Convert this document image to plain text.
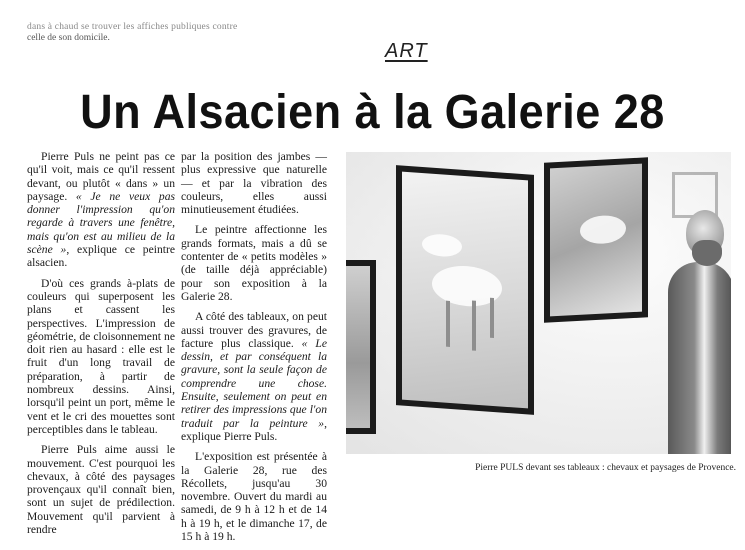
dans à chaud se trouver les affiches publiques contre
celle de son domicile.
ART
Un Alsacien à la Galerie 28

Pierre Puls ne peint pas ce qu'il voit, mais ce qu'il ressent devant, ou plutôt « dans » un paysage. « Je ne veux pas donner l'impression qu'on regarde à travers une fenêtre, mais qu'on est au milieu de la scène », explique ce peintre alsacien.

D'où ces grands à-plats de couleurs qui superposent les plans et cassent les perspectives. L'impression de géométrie, de cloisonnement ne doit rien au hasard : elle est le fruit d'un long travail de préparation, à partir de nombreux dessins. Ainsi, lorsqu'il peint un port, même le vent et le cri des mouettes sont perceptibles dans le tableau.

Pierre Puls aime aussi le mouvement. C'est pourquoi les chevaux, à côté des paysages provençaux qu'il connaît bien, sont un sujet de prédilection. Mouvement qu'il parvient à rendre

par la position des jambes — plus expressive que naturelle — et par la vibration des couleurs, elles aussi minutieusement étudiées.

Le peintre affectionne les grands formats, mais a dû se contenter de « petits modèles » (de taille déjà appréciable) pour son exposition à la Galerie 28.

A côté des tableaux, on peut aussi trouver des gravures, de facture plus classique. « Le dessin, et par conséquent la gravure, sont la seule façon de comprendre une chose. Ensuite, seulement on peut en retirer des impressions que l'on traduit par la peinture », explique Pierre Puls.

L'exposition est présentée à la Galerie 28, rue des Récollets, jusqu'au 30 novembre. Ouvert du mardi au samedi, de 9 h à 12 h et de 14 h à 19 h, et le dimanche 17, de 15 h à 19 h.

Pierre PULS devant ses tableaux : chevaux et paysages de Provence.
